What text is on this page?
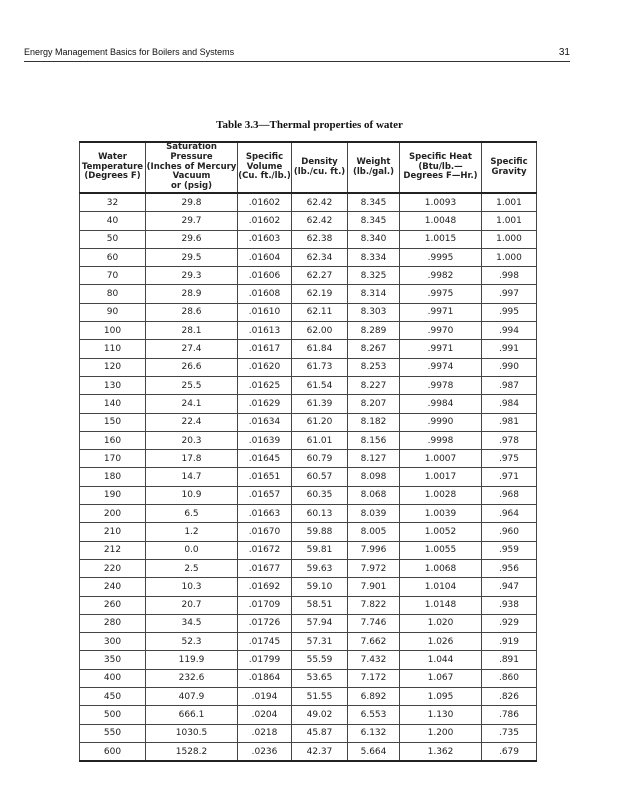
Energy Management Basics for Boilers and Systems	31
Table 3.3—Thermal properties of water
Water
Temperature
(Degrees F)	Saturation
Pressure
(Inches of Mercury
Vacuum
or (psig)	Specific
Volume
(Cu. ft./lb.)	Density
(lb./cu. ft.)	Weight
(lb./gal.)	Specific Heat
(Btu/lb.—
Degrees F—Hr.)	Specific
Gravity
32	29.8	.01602	62.42	8.345	1.0093	1.001
40	29.7	.01602	62.42	8.345	1.0048	1.001
50	29.6	.01603	62.38	8.340	1.0015	1.000
60	29.5	.01604	62.34	8.334	.9995	1.000
70	29.3	.01606	62.27	8.325	.9982	.998
80	28.9	.01608	62.19	8.314	.9975	.997
90	28.6	.01610	62.11	8.303	.9971	.995
100	28.1	.01613	62.00	8.289	.9970	.994
110	27.4	.01617	61.84	8.267	.9971	.991
120	26.6	.01620	61.73	8.253	.9974	.990
130	25.5	.01625	61.54	8.227	.9978	.987
140	24.1	.01629	61.39	8.207	.9984	.984
150	22.4	.01634	61.20	8.182	.9990	.981
160	20.3	.01639	61.01	8.156	.9998	.978
170	17.8	.01645	60.79	8.127	1.0007	.975
180	14.7	.01651	60.57	8.098	1.0017	.971
190	10.9	.01657	60.35	8.068	1.0028	.968
200	6.5	.01663	60.13	8.039	1.0039	.964
210	1.2	.01670	59.88	8.005	1.0052	.960
212	0.0	.01672	59.81	7.996	1.0055	.959
220	2.5	.01677	59.63	7.972	1.0068	.956
240	10.3	.01692	59.10	7.901	1.0104	.947
260	20.7	.01709	58.51	7.822	1.0148	.938
280	34.5	.01726	57.94	7.746	1.020	.929
300	52.3	.01745	57.31	7.662	1.026	.919
350	119.9	.01799	55.59	7.432	1.044	.891
400	232.6	.01864	53.65	7.172	1.067	.860
450	407.9	.0194	51.55	6.892	1.095	.826
500	666.1	.0204	49.02	6.553	1.130	.786
550	1030.5	.0218	45.87	6.132	1.200	.735
600	1528.2	.0236	42.37	5.664	1.362	.679
